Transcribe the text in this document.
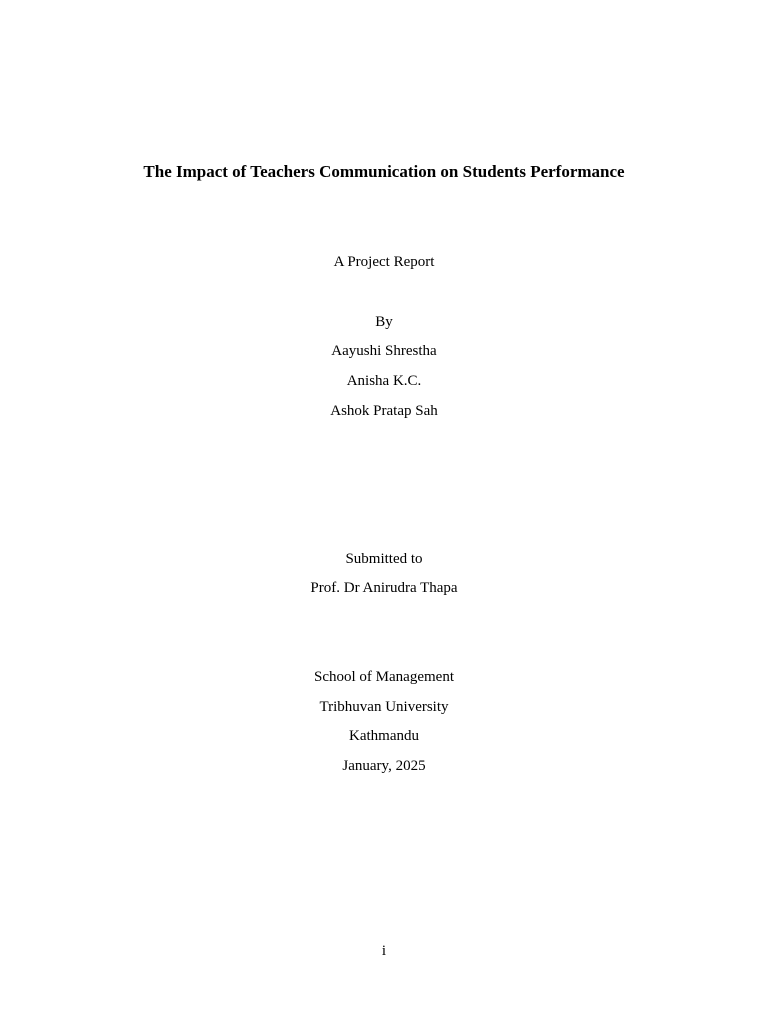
The Impact of Teachers Communication on Students Performance
A Project Report
By
Aayushi Shrestha
Anisha K.C.
Ashok Pratap Sah
Submitted to
Prof. Dr Anirudra Thapa
School of Management
Tribhuvan University
Kathmandu
January, 2025
i
